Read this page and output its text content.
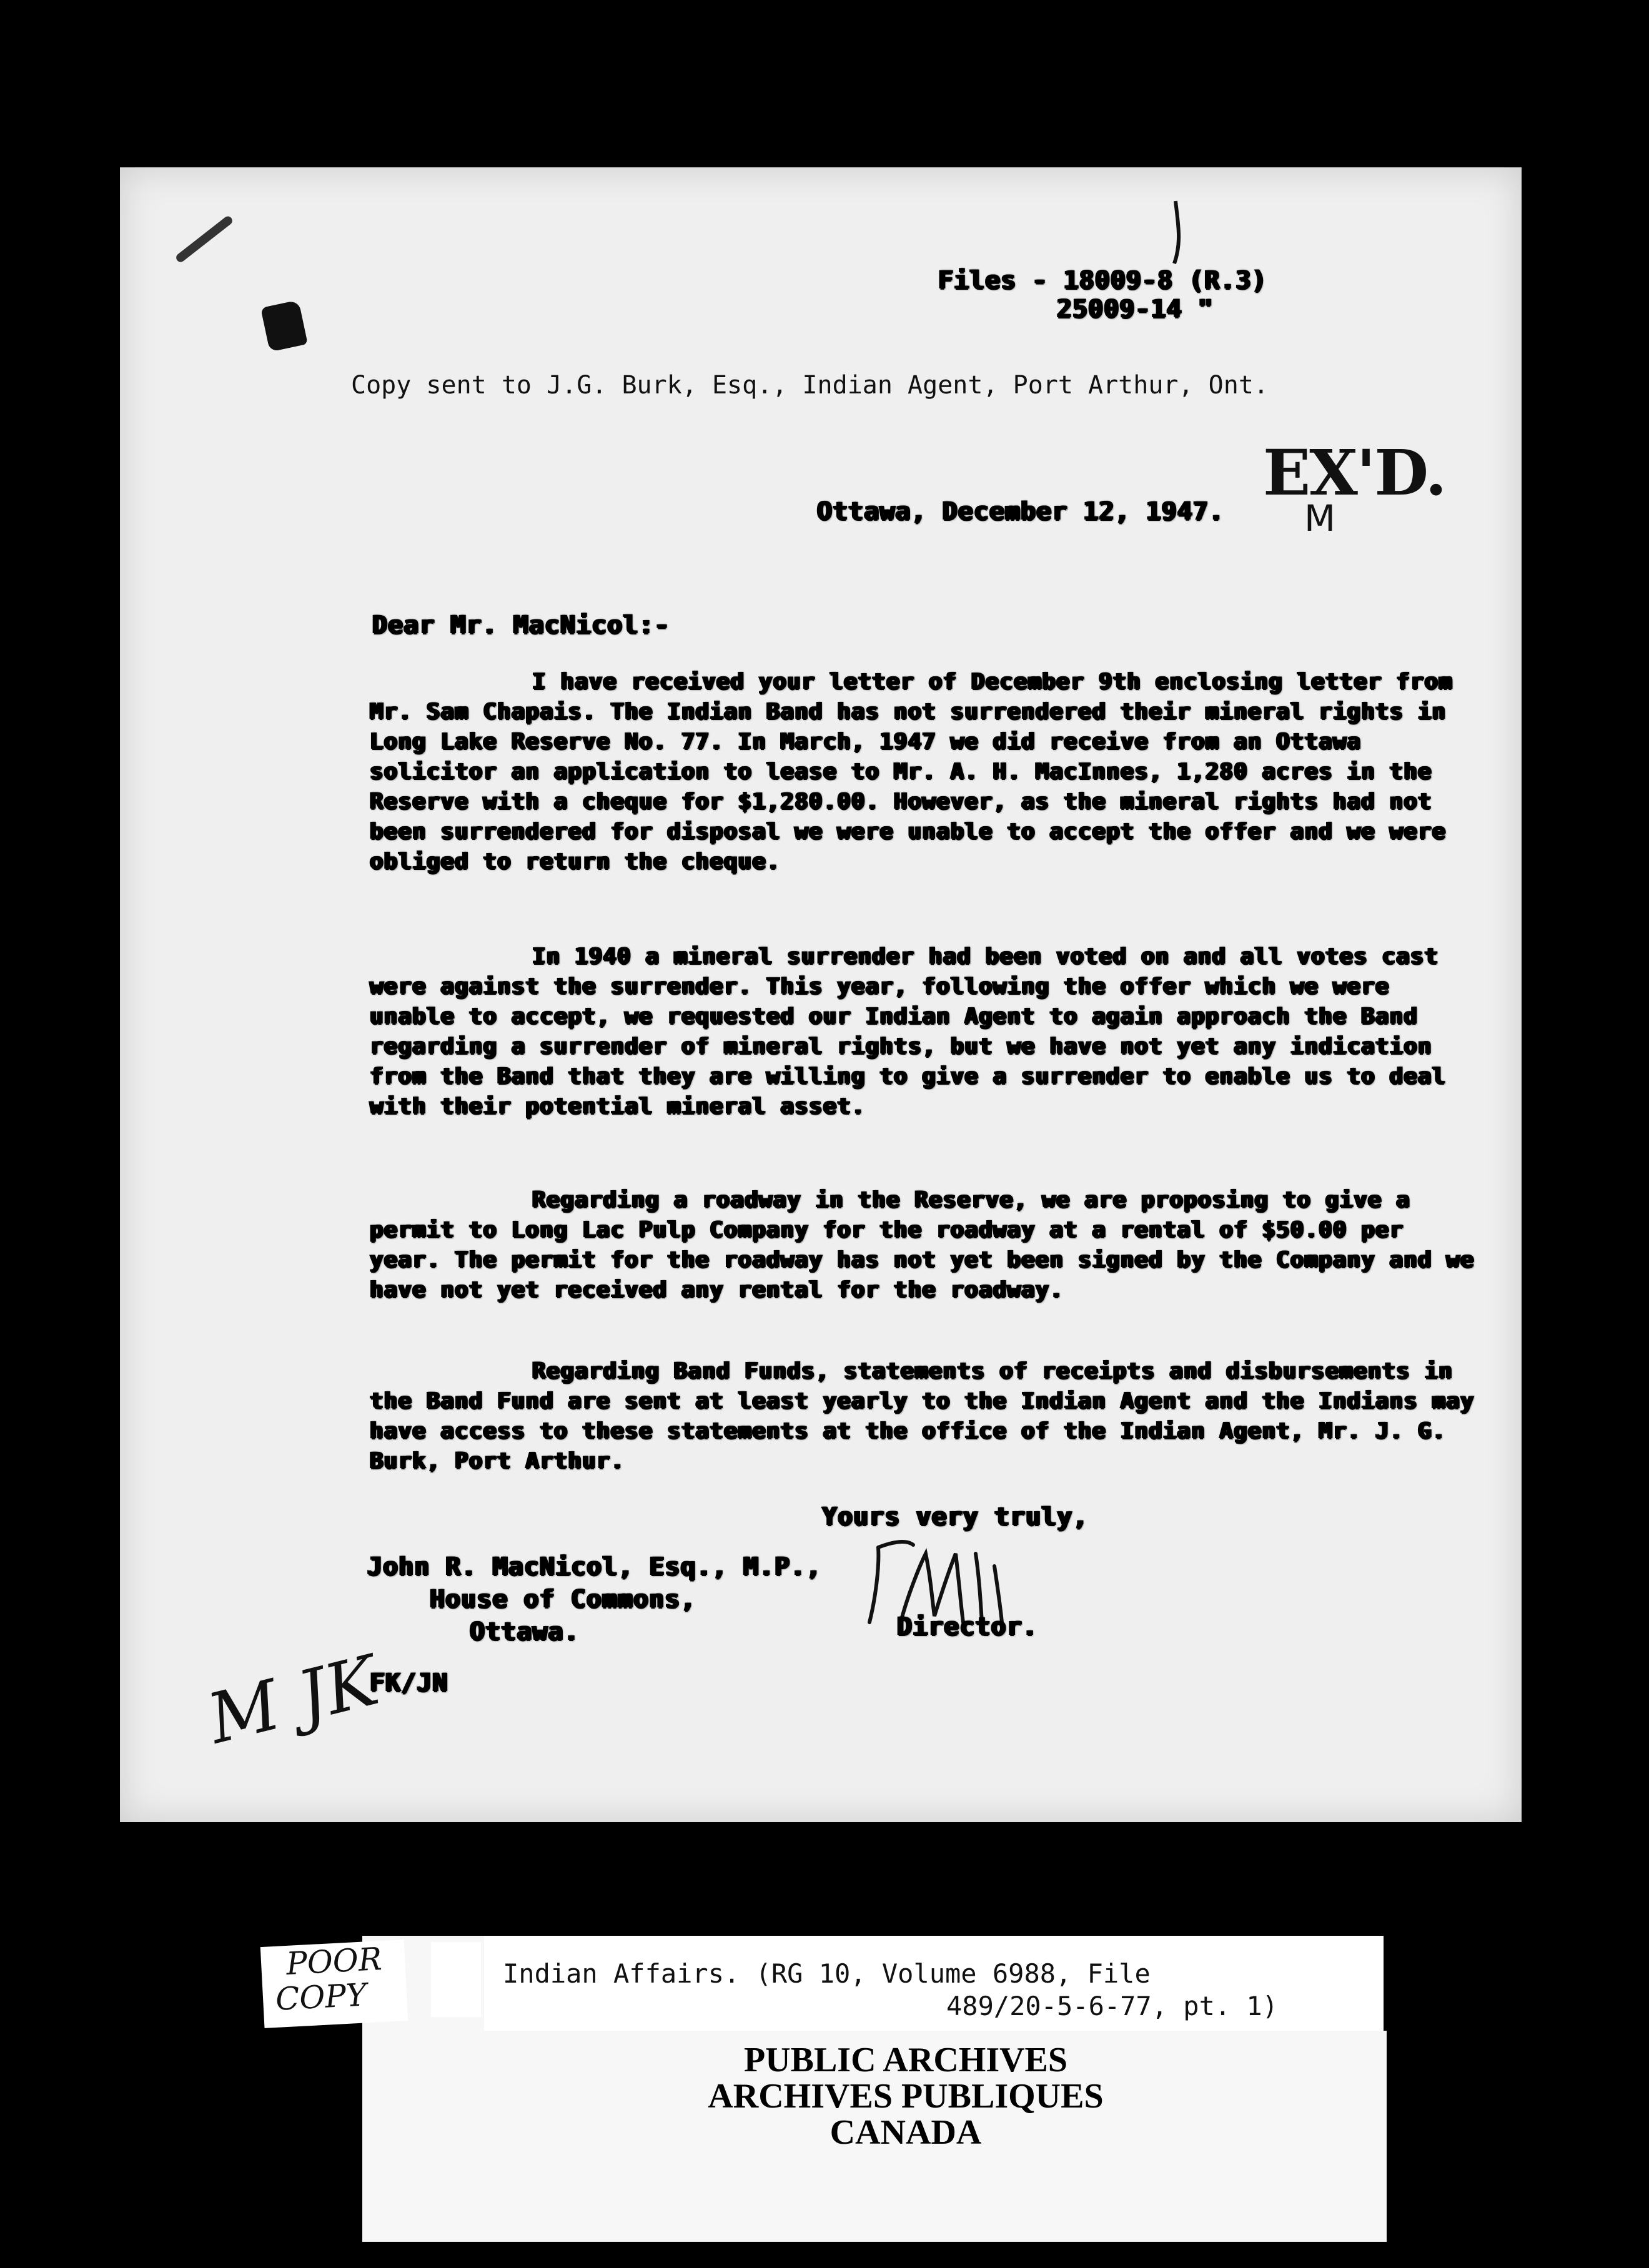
Files - 18009-8 (R.3)
25009-14 "
Copy sent to J.G. Burk, Esq., Indian Agent, Port Arthur, Ont.
EX'D.
M
Ottawa, December 12, 1947.
Dear Mr. MacNicol:-

I have received your letter of December 9th enclosing letter from Mr. Sam Chapais. The Indian Band has not surrendered their mineral rights in Long Lake Reserve No. 77. In March, 1947 we did receive from an Ottawa solicitor an application to lease to Mr. A. H. MacInnes, 1,280 acres in the Reserve with a cheque for $1,280.00. However, as the mineral rights had not been surrendered for disposal we were unable to accept the offer and we were obliged to return the cheque.

In 1940 a mineral surrender had been voted on and all votes cast were against the surrender. This year, following the offer which we were unable to accept, we requested our Indian Agent to again approach the Band regarding a surrender of mineral rights, but we have not yet any indication from the Band that they are willing to give a surrender to enable us to deal with their potential mineral asset.

Regarding a roadway in the Reserve, we are proposing to give a permit to Long Lac Pulp Company for the roadway at a rental of $50.00 per year. The permit for the roadway has not yet been signed by the Company and we have not yet received any rental for the roadway.

Regarding Band Funds, statements of receipts and disbursements in the Band Fund are sent at least yearly to the Indian Agent and the Indians may have access to these statements at the office of the Indian Agent, Mr. J. G. Burk, Port Arthur.

Yours very truly,
John R. MacNicol, Esq., M.P.,
House of Commons,
Ottawa.	Director.
FK/JN
M JK
POOR
COPY
Indian Affairs. (RG 10, Volume 6988, File
489/20-5-6-77, pt. 1)
PUBLIC ARCHIVES
ARCHIVES PUBLIQUES
CANADA
